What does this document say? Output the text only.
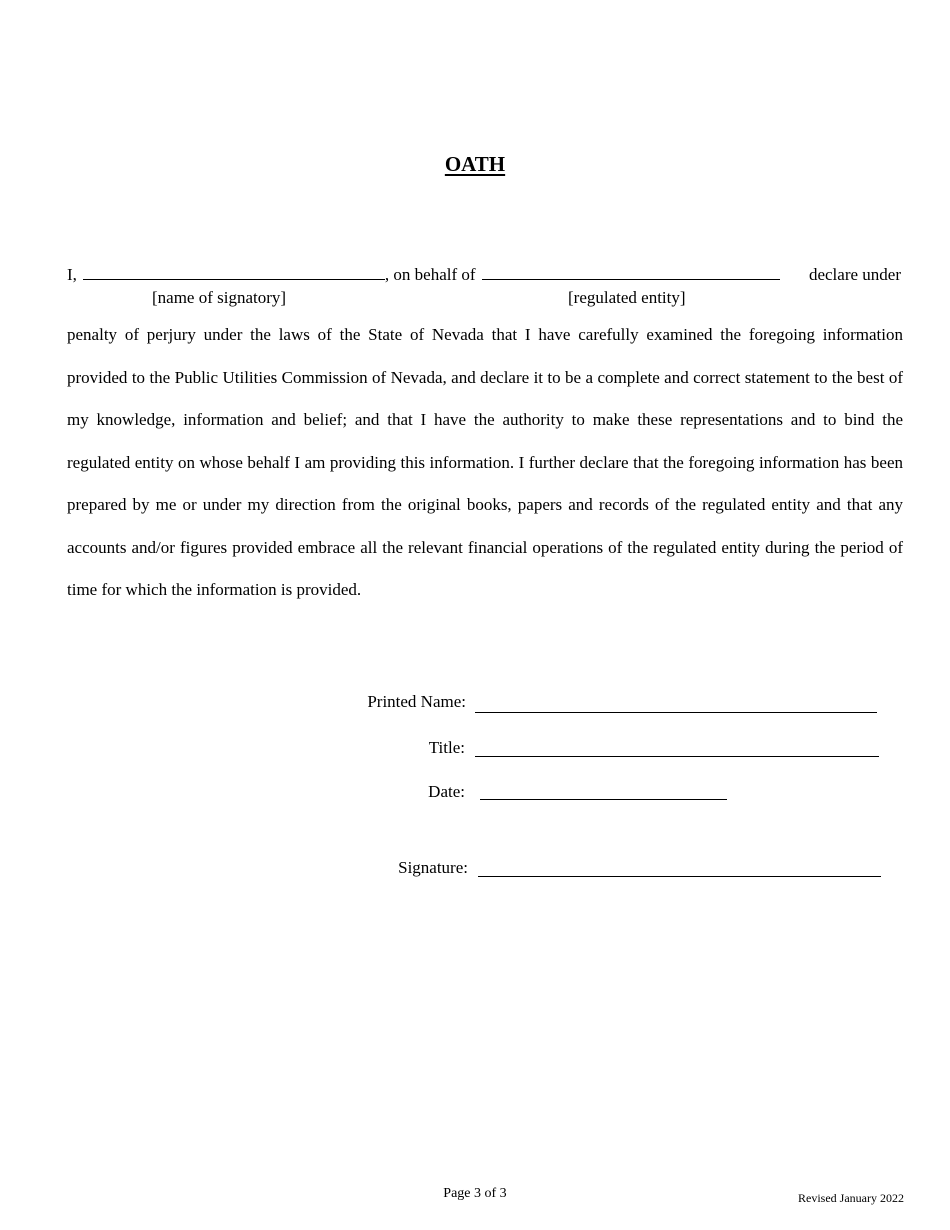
OATH
I,	, on behalf of	declare under
[name of signatory]	[regulated entity]

penalty of perjury under the laws of the State of Nevada that I have carefully examined the foregoing information provided to the Public Utilities Commission of Nevada, and declare it to be a complete and correct statement to the best of my knowledge, information and belief; and that I have the authority to make these representations and to bind the regulated entity on whose behalf I am providing this information. I further declare that the foregoing information has been prepared by me or under my direction from the original books, papers and records of the regulated entity and that any accounts and/or figures provided embrace all the relevant financial operations of the regulated entity during the period of time for which the information is provided.

Printed Name:
Title:
Date:
Signature:
Page 3 of 3	Revised January 2022
